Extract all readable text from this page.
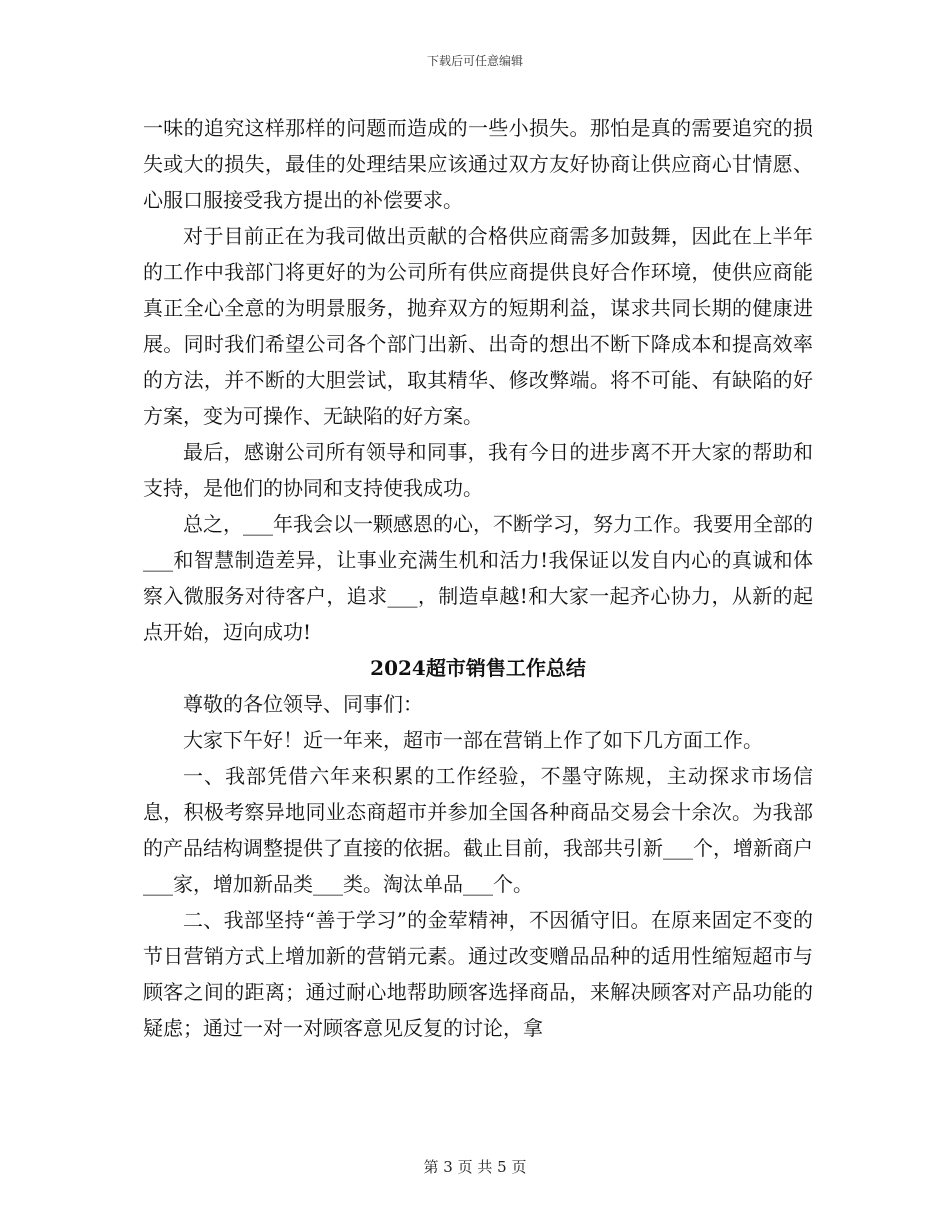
下载后可任意编辑

一味的追究这样那样的问题而造成的一些小损失。那怕是真的需要追究的损失或大的损失，最佳的处理结果应该通过双方友好协商让供应商心甘情愿、心服口服接受我方提出的补偿要求。

对于目前正在为我司做出贡献的合格供应商需多加鼓舞，因此在上半年的工作中我部门将更好的为公司所有供应商提供良好合作环境，使供应商能真正全心全意的为明景服务，抛弃双方的短期利益，谋求共同长期的健康进展。同时我们希望公司各个部门出新、出奇的想出不断下降成本和提高效率的方法，并不断的大胆尝试，取其精华、修改弊端。将不可能、有缺陷的好方案，变为可操作、无缺陷的好方案。

最后，感谢公司所有领导和同事，我有今日的进步离不开大家的帮助和支持，是他们的协同和支持使我成功。

总之，___年我会以一颗感恩的心，不断学习，努力工作。我要用全部的___和智慧制造差异，让事业充满生机和活力!我保证以发自内心的真诚和体察入微服务对待客户，追求___，制造卓越!和大家一起齐心协力，从新的起点开始，迈向成功!

2024超市销售工作总结

尊敬的各位领导、同事们：

大家下午好！近一年来，超市一部在营销上作了如下几方面工作。

一、我部凭借六年来积累的工作经验，不墨守陈规，主动探求市场信息，积极考察异地同业态商超市并参加全国各种商品交易会十余次。为我部的产品结构调整提供了直接的依据。截止目前，我部共引新___个，增新商户___家，增加新品类___类。淘汰单品___个。

二、我部坚持“善于学习”的金荤精神，不因循守旧。在原来固定不变的节日营销方式上增加新的营销元素。通过改变赠品品种的适用性缩短超市与顾客之间的距离；通过耐心地帮助顾客选择商品，来解决顾客对产品功能的疑虑；通过一对一对顾客意见反复的讨论，拿

第 3 页 共 5 页
